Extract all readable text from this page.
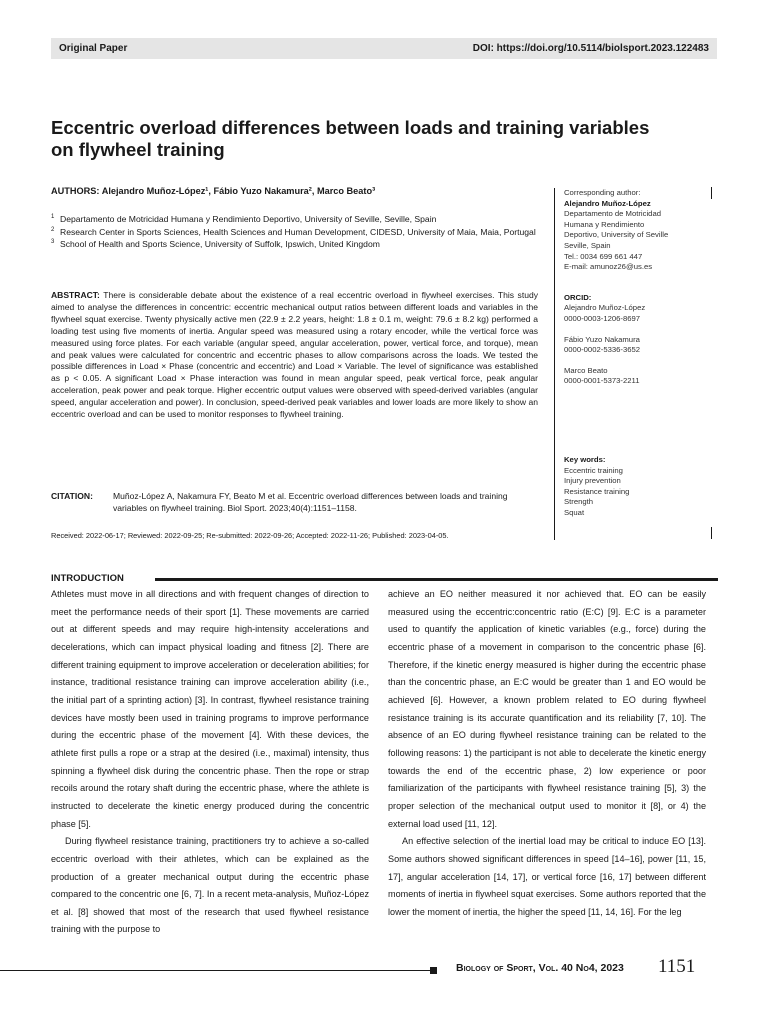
Original Paper	DOI: https://doi.org/10.5114/biolsport.2023.122483
Eccentric overload differences between loads and training variables on flywheel training
AUTHORS: Alejandro Muñoz-López¹, Fábio Yuzo Nakamura², Marco Beato³
1 Departamento de Motricidad Humana y Rendimiento Deportivo, University of Seville, Seville, Spain
2 Research Center in Sports Sciences, Health Sciences and Human Development, CIDESD, University of Maia, Maia, Portugal
3 School of Health and Sports Science, University of Suffolk, Ipswich, United Kingdom
ABSTRACT: There is considerable debate about the existence of a real eccentric overload in flywheel exercises. This study aimed to analyse the differences in concentric: eccentric mechanical output ratios between different loads and variables in the flywheel squat exercise. Twenty physically active men (22.9 ± 2.2 years, height: 1.8 ± 0.1 m, weight: 79.6 ± 8.2 kg) performed a loading test using five moments of inertia. Angular speed was measured using a rotary encoder, while the vertical force was measured using force plates. For each variable (angular speed, angular acceleration, power, vertical force, and torque), mean and peak values were calculated for concentric and eccentric phases to allow comparisons across the loads. We tested the possible differences in Load × Phase (concentric and eccentric) and Load × Variable. The level of significance was established as p < 0.05. A significant Load × Phase interaction was found in mean angular speed, peak vertical force, peak angular acceleration, peak power and peak torque. Higher eccentric output values were observed with speed-derived variables (angular speed, angular acceleration and power). In conclusion, speed-derived peak variables and lower loads are more likely to show an eccentric overload and can be used to monitor responses to flywheel training.
CITATION: Muñoz-López A, Nakamura FY, Beato M et al. Eccentric overload differences between loads and training variables on flywheel training. Biol Sport. 2023;40(4):1151–1158.
Received: 2022-06-17; Reviewed: 2022-09-25; Re-submitted: 2022-09-26; Accepted: 2022-11-26; Published: 2023-04-05.
Corresponding author:
Alejandro Muñoz-López
Departamento de Motricidad
Humana y Rendimiento
Deportivo, University of Seville
Seville, Spain
Tel.: 0034 699 661 447
E-mail: amunoz26@us.es
ORCID:
Alejandro Muñoz-López
0000-0003-1206-8697
Fábio Yuzo Nakamura
0000-0002-5336-3652
Marco Beato
0000-0001-5373-2211
Key words:
Eccentric training
Injury prevention
Resistance training
Strength
Squat
INTRODUCTION

Athletes must move in all directions and with frequent changes of direction to meet the performance needs of their sport [1]. These movements are carried out at different speeds and may require high-intensity accelerations and decelerations, which can impact physical loading and fitness [2]. There are different training equipment to improve acceleration or deceleration abilities; for instance, traditional resistance training can improve acceleration ability (i.e., the initial part of a sprinting action) [3]. In contrast, flywheel resistance training devices have mostly been used in training programs to improve performance during the eccentric phase of the movement [4]. With these devices, the athlete first pulls a rope or a strap at the desired (i.e., maximal) intensity, thus spinning a flywheel disk during the concentric phase. Then the rope or strap recoils around the rotary shaft during the eccentric phase, where the athlete is instructed to decelerate the kinetic energy produced during the concentric phase [5].

During flywheel resistance training, practitioners try to achieve a so-called eccentric overload with their athletes, which can be explained as the production of a greater mechanical output during the eccentric phase compared to the concentric one [6, 7]. In a recent meta-analysis, Muñoz-López et al. [8] showed that most of the research that used flywheel resistance training with the purpose to

achieve an EO neither measured it nor achieved that. EO can be easily measured using the eccentric:concentric ratio (E:C) [9]. E:C is a parameter used to quantify the application of kinetic variables (e.g., force) during the eccentric phase of a movement in comparison to the concentric phase [6]. Therefore, if the kinetic energy measured is higher during the eccentric phase than the concentric phase, an E:C would be greater than 1 and EO would be achieved [6]. However, a known problem related to EO during flywheel resistance training is its accurate quantification and its reliability [7, 10]. The absence of an EO during flywheel resistance training can be related to the following reasons: 1) the participant is not able to decelerate the kinetic energy towards the end of the eccentric phase, 2) low experience or poor familiarization of the participants with flywheel resistance training [5], 3) the proper selection of the mechanical output used to monitor it [8], or 4) the external load used [11, 12].

An effective selection of the inertial load may be critical to induce EO [13]. Some authors showed significant differences in speed [14–16], power [11, 15, 17], angular acceleration [14, 17], or vertical force [16, 17] between different moments of inertia in flywheel squat exercises. Some authors reported that the lower the moment of inertia, the higher the speed [11, 14, 16]. For the leg

Biology of Sport, Vol. 40 No4, 2023 1151
